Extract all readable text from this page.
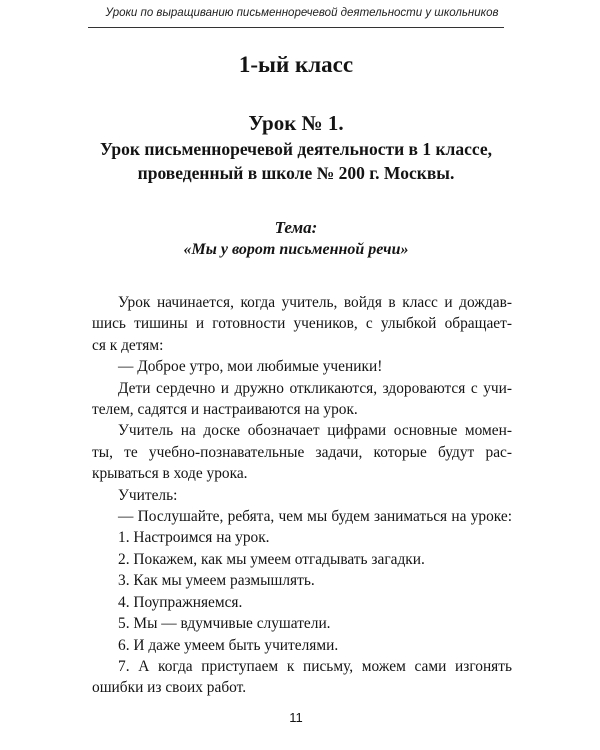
Уроки по выращиванию письменноречевой деятельности у школьников
1-ый класс
Урок № 1.
Урок письменноречевой деятельности в 1 классе,
проведенный в школе № 200 г. Москвы.
Тема:
«Мы у ворот письменной речи»
Урок начинается, когда учитель, войдя в класс и дождав-
шись тишины и готовности учеников, с улыбкой обращает-
ся к детям:
— Доброе утро, мои любимые ученики!
Дети сердечно и дружно откликаются, здороваются с учи-
телем, садятся и настраиваются на урок.
Учитель на доске обозначает цифрами основные момен-
ты, те учебно-познавательные задачи, которые будут рас-
крываться в ходе урока.
Учитель:
— Послушайте, ребята, чем мы будем заниматься на уроке:
1. Настроимся на урок.
2. Покажем, как мы умеем отгадывать загадки.
3. Как мы умеем размышлять.
4. Поупражняемся.
5. Мы — вдумчивые слушатели.
6. И даже умеем быть учителями.
7. А когда приступаем к письму, можем сами изгонять
ошибки из своих работ.
11
